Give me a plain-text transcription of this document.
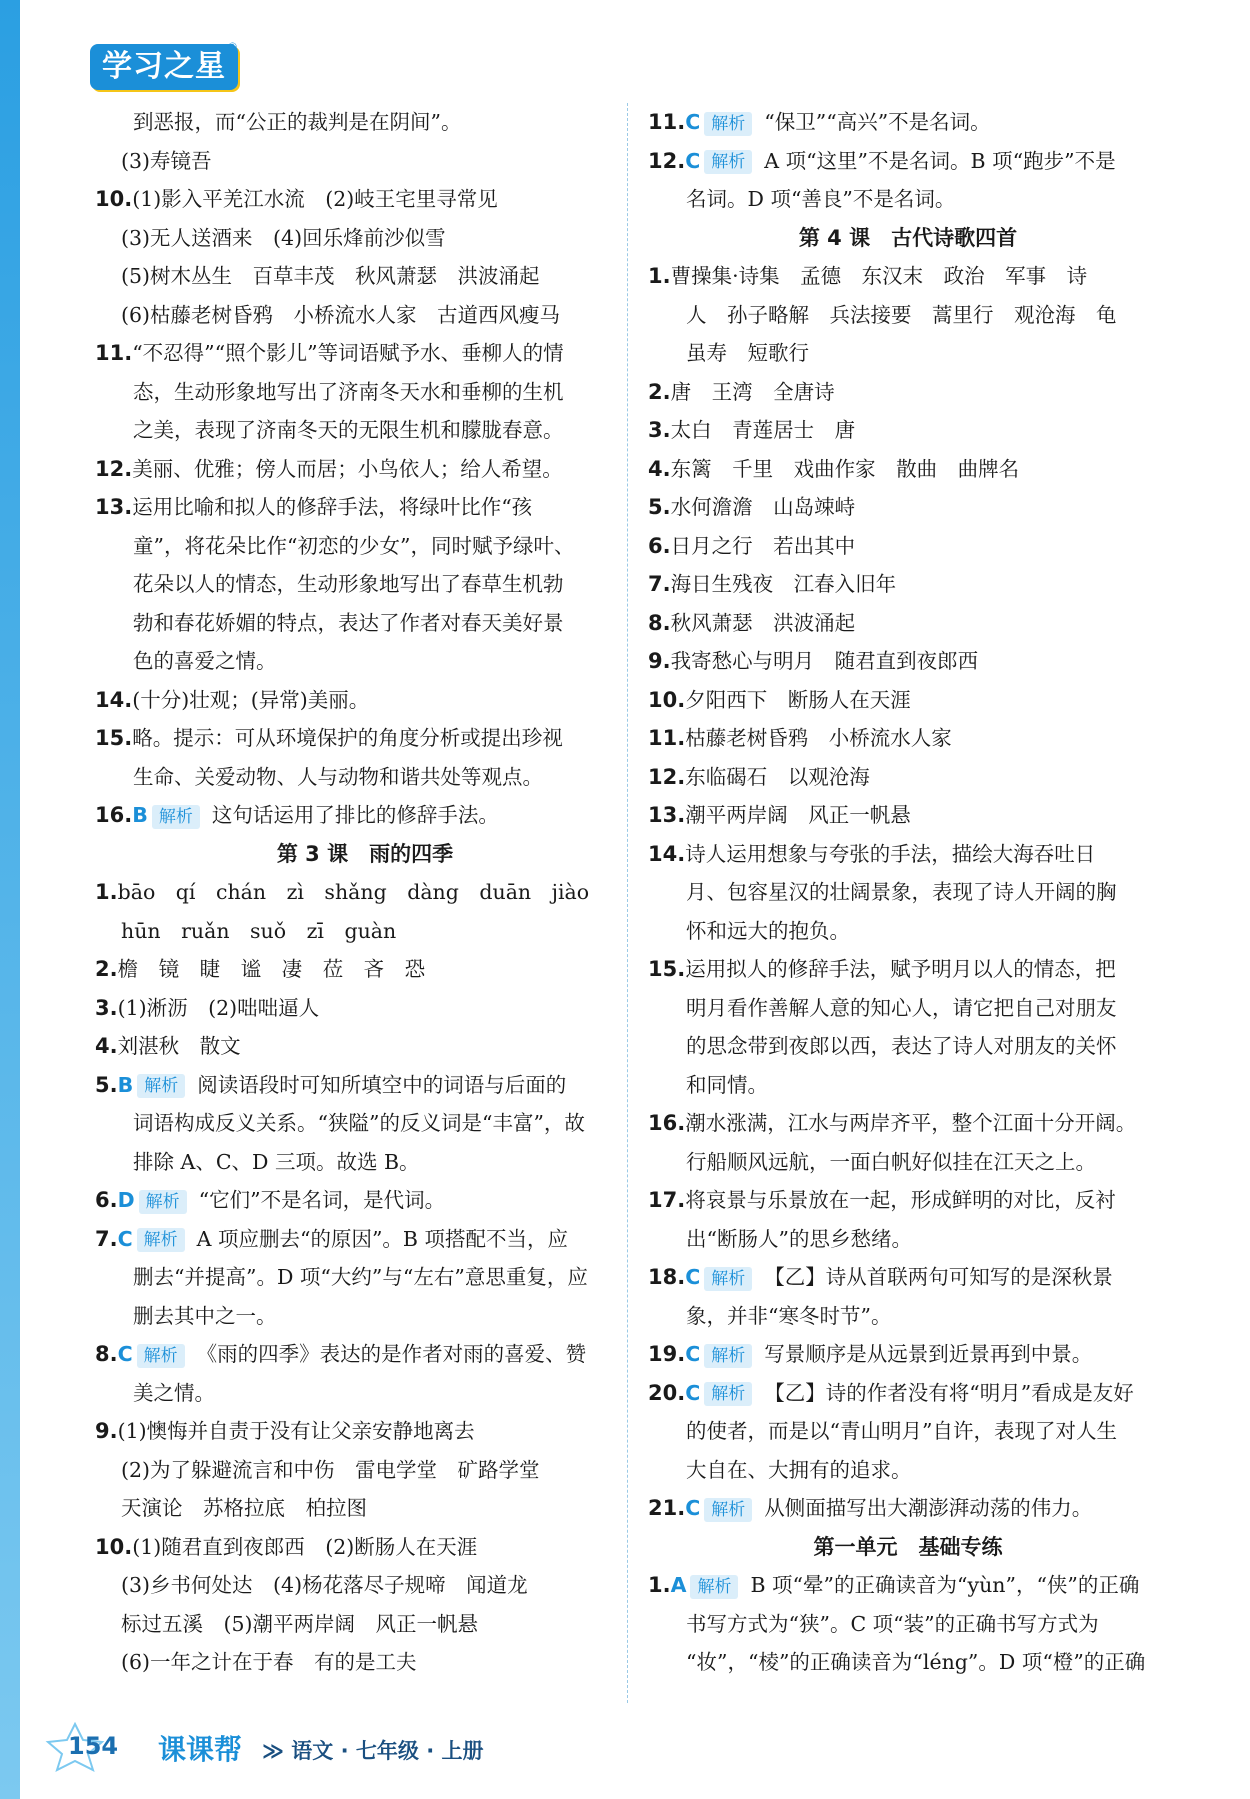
学习之星
®
到恶报，而“公正的裁判是在阴间”。
(3)寿镜吾
10.(1)影入平羌江水流　(2)岐王宅里寻常见
(3)无人送酒来　(4)回乐烽前沙似雪
(5)树木丛生　百草丰茂　秋风萧瑟　洪波涌起
(6)枯藤老树昏鸦　小桥流水人家　古道西风瘦马
11.“不忍得”“照个影儿”等词语赋予水、垂柳人的情
态，生动形象地写出了济南冬天水和垂柳的生机
之美，表现了济南冬天的无限生机和朦胧春意。
12.美丽、优雅；傍人而居；小鸟依人；给人希望。
13.运用比喻和拟人的修辞手法，将绿叶比作“孩
童”，将花朵比作“初恋的少女”，同时赋予绿叶、
花朵以人的情态，生动形象地写出了春草生机勃
勃和春花娇媚的特点，表达了作者对春天美好景
色的喜爱之情。
14.(十分)壮观；(异常)美丽。
15.略。提示：可从环境保护的角度分析或提出珍视
生命、关爱动物、人与动物和谐共处等观点。
16.B 解析 这句话运用了排比的修辞手法。
第 3 课　雨的四季
1.bāo　qí　chán　zì　shǎng　dàng　duān　jiào
hūn　ruǎn　suǒ　zī　guàn
2.檐　镜　睫　谧　凄　莅　吝　恐
3.(1)淅沥　(2)咄咄逼人
4.刘湛秋　散文
5.B 解析 阅读语段时可知所填空中的词语与后面的
词语构成反义关系。“狭隘”的反义词是“丰富”，故
排除 A、C、D 三项。故选 B。
6.D 解析 “它们”不是名词，是代词。
7.C 解析 A 项应删去“的原因”。B 项搭配不当，应
删去“并提高”。D 项“大约”与“左右”意思重复，应
删去其中之一。
8.C 解析 《雨的四季》表达的是作者对雨的喜爱、赞
美之情。
9.(1)懊悔并自责于没有让父亲安静地离去
(2)为了躲避流言和中伤　雷电学堂　矿路学堂
天演论　苏格拉底　柏拉图
10.(1)随君直到夜郎西　(2)断肠人在天涯
(3)乡书何处达　(4)杨花落尽子规啼　闻道龙
标过五溪　(5)潮平两岸阔　风正一帆悬
(6)一年之计在于春　有的是工夫
11.C 解析 “保卫”“高兴”不是名词。
12.C 解析 A 项“这里”不是名词。B 项“跑步”不是
名词。D 项“善良”不是名词。
第 4 课　古代诗歌四首
1.曹操集·诗集　孟德　东汉末　政治　军事　诗
人　孙子略解　兵法接要　蒿里行　观沧海　龟
虽寿　短歌行
2.唐　王湾　全唐诗
3.太白　青莲居士　唐
4.东篱　千里　戏曲作家　散曲　曲牌名
5.水何澹澹　山岛竦峙
6.日月之行　若出其中
7.海日生残夜　江春入旧年
8.秋风萧瑟　洪波涌起
9.我寄愁心与明月　随君直到夜郎西
10.夕阳西下　断肠人在天涯
11.枯藤老树昏鸦　小桥流水人家
12.东临碣石　以观沧海
13.潮平两岸阔　风正一帆悬
14.诗人运用想象与夸张的手法，描绘大海吞吐日
月、包容星汉的壮阔景象，表现了诗人开阔的胸
怀和远大的抱负。
15.运用拟人的修辞手法，赋予明月以人的情态，把
明月看作善解人意的知心人，请它把自己对朋友
的思念带到夜郎以西，表达了诗人对朋友的关怀
和同情。
16.潮水涨满，江水与两岸齐平，整个江面十分开阔。
行船顺风远航，一面白帆好似挂在江天之上。
17.将哀景与乐景放在一起，形成鲜明的对比，反衬
出“断肠人”的思乡愁绪。
18.C 解析 【乙】诗从首联两句可知写的是深秋景
象，并非“寒冬时节”。
19.C 解析 写景顺序是从远景到近景再到中景。
20.C 解析 【乙】诗的作者没有将“明月”看成是友好
的使者，而是以“青山明月”自许，表现了对人生
大自在、大拥有的追求。
21.C 解析 从侧面描写出大潮澎湃动荡的伟力。
第一单元　基础专练
1.A 解析 B 项“晕”的正确读音为“yùn”，“侠”的正确
书写方式为“狭”。C 项“装”的正确书写方式为
“妆”，“棱”的正确读音为“léng”。D 项“橙”的正确
154 课课帮 ≫ 语文 · 七年级 · 上册
